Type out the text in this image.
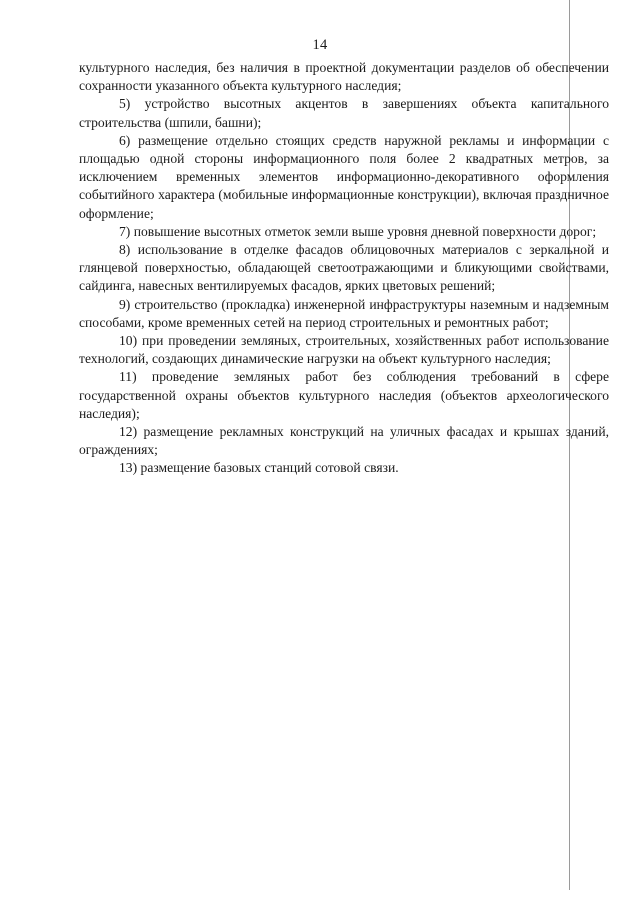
14

культурного наследия, без наличия в проектной документации разделов об обеспечении сохранности указанного объекта культурного наследия;

5) устройство высотных акцентов в завершениях объекта капитального строительства (шпили, башни);

6) размещение отдельно стоящих средств наружной рекламы и информации с площадью одной стороны информационного поля более 2 квадратных метров, за исключением временных элементов информационно-декоративного оформления событийного характера (мобильные информационные конструкции), включая праздничное оформление;

7) повышение высотных отметок земли выше уровня дневной поверхности дорог;

8) использование в отделке фасадов облицовочных материалов с зеркальной и глянцевой поверхностью, обладающей светоотражающими и бликующими свойствами, сайдинга, навесных вентилируемых фасадов, ярких цветовых решений;

9) строительство (прокладка) инженерной инфраструктуры наземным и надземным способами, кроме временных сетей на период строительных и ремонтных работ;

10) при проведении земляных, строительных, хозяйственных работ использование технологий, создающих динамические нагрузки на объект культурного наследия;

11) проведение земляных работ без соблюдения требований в сфере государственной охраны объектов культурного наследия (объектов археологического наследия);

12) размещение рекламных конструкций на уличных фасадах и крышах зданий, ограждениях;

13) размещение базовых станций сотовой связи.
